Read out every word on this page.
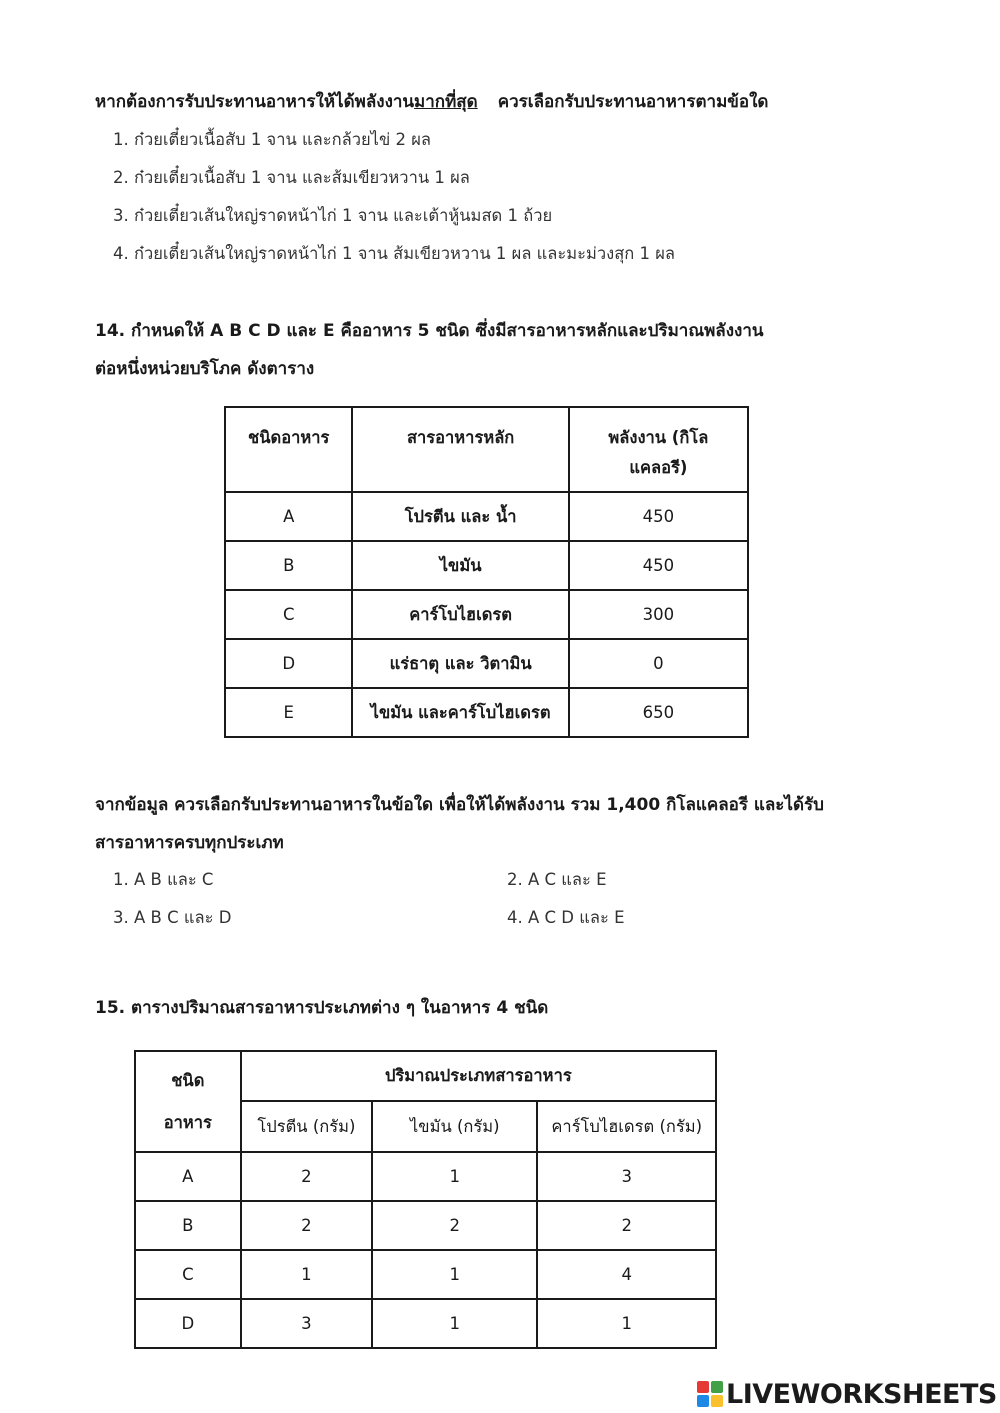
หากต้องการรับประทานอาหารให้ได้พลังงานมากที่สุด ควรเลือกรับประทานอาหารตามข้อใด
1. ก๋วยเตี๋ยวเนื้อสับ 1 จาน และกล้วยไข่ 2 ผล
2. ก๋วยเตี๋ยวเนื้อสับ 1 จาน และส้มเขียวหวาน 1 ผล
3. ก๋วยเตี๋ยวเส้นใหญ่ราดหน้าไก่ 1 จาน และเต้าหู้นมสด 1 ถ้วย
4. ก๋วยเตี๋ยวเส้นใหญ่ราดหน้าไก่ 1 จาน ส้มเขียวหวาน 1 ผล และมะม่วงสุก 1 ผล
14. กำหนดให้ A B C D และ E คืออาหาร 5 ชนิด ซึ่งมีสารอาหารหลักและปริมาณพลังงาน
ต่อหนึ่งหน่วยบริโภค ดังตาราง
ชนิดอาหาร	สารอาหารหลัก	พลังงาน (กิโล
แคลอรี)

A	โปรตีน และ น้ำ	450
B	ไขมัน	450
C	คาร์โบไฮเดรต	300
D	แร่ธาตุ และ วิตามิน	0
E	ไขมัน และคาร์โบไฮเดรต	650
จากข้อมูล ควรเลือกรับประทานอาหารในข้อใด เพื่อให้ได้พลังงาน รวม 1,400 กิโลแคลอรี และได้รับ
สารอาหารครบทุกประเภท
1. A B และ C	2. A C และ E
3. A B C และ D	4. A C D และ E
15. ตารางปริมาณสารอาหารประเภทต่าง ๆ ในอาหาร 4 ชนิด
ชนิด
อาหาร	ปริมาณประเภทสารอาหาร		
	โปรตีน (กรัม)	ไขมัน (กรัม)	คาร์โบไฮเดรต (กรัม)
A	2	1	3
B	2	2	2
C	1	1	4
D	3	1	1
LIVEWORKSHEETS
